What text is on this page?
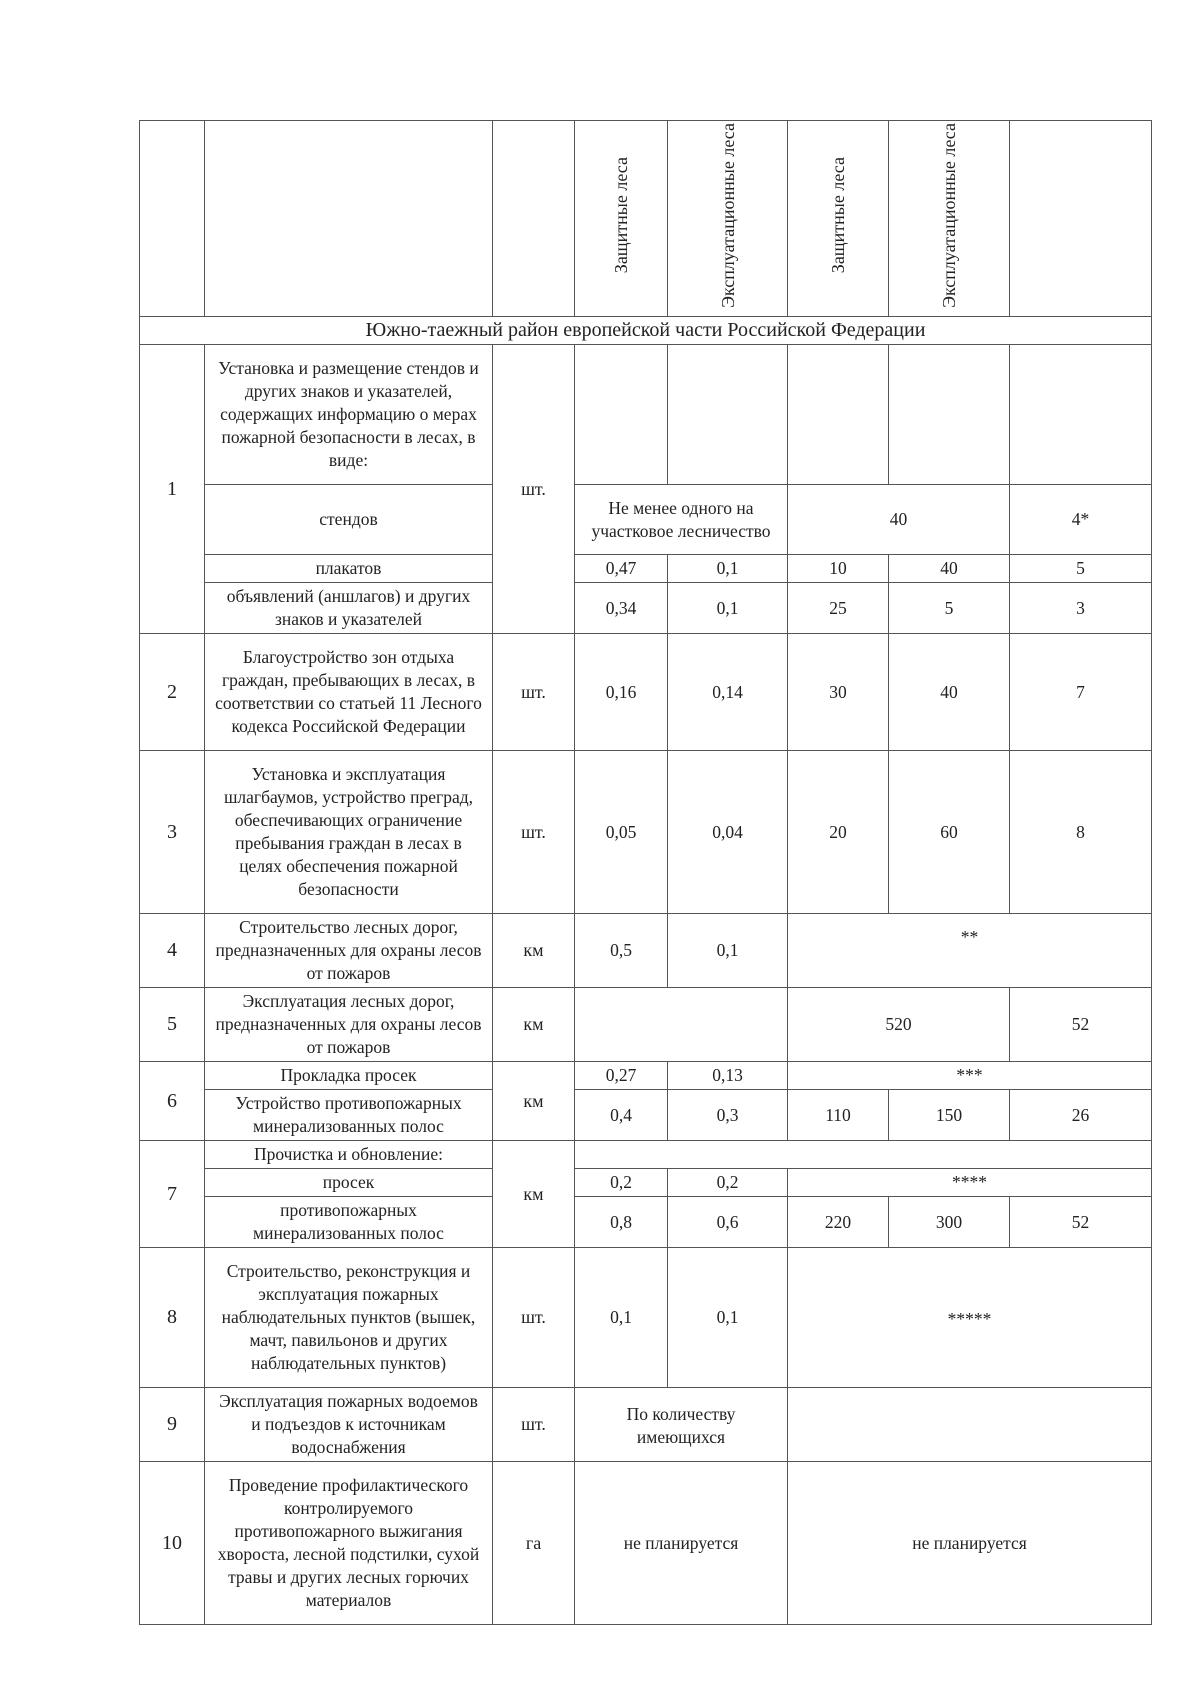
			Защитные леса	Эксплуатационные леса	Защитные леса	Эксплуатационные леса	
Южно-таежный район европейской части Российской Федерации							
1	Установка и размещение стендов и других знаков и указателей, содержащих информацию о мерах пожарной безопасности в лесах, в виде:	шт.					
	стендов		Не менее одного на участковое лесничество		40		4*
	плакатов		0,47	0,1	10	40	5
	объявлений (аншлагов) и других знаков и указателей		0,34	0,1	25	5	3
2	Благоустройство зон отдыха граждан, пребывающих в лесах, в соответствии со статьей 11 Лесного кодекса Российской Федерации	шт.	0,16	0,14	30	40	7
3	Установка и эксплуатация шлагбаумов, устройство преград, обеспечивающих ограничение пребывания граждан в лесах в целях обеспечения пожарной безопасности	шт.	0,05	0,04	20	60	8
4	Строительство лесных дорог, предназначенных для охраны лесов от пожаров	км	0,5	0,1	**		
5	Эксплуатация лесных дорог, предназначенных для охраны лесов от пожаров	км			520		52
6	Прокладка просек	км	0,27	0,13	***		
	Устройство противопожарных минерализованных полос		0,4	0,3	110	150	26
7	Прочистка и обновление:	км					
	просек		0,2	0,2	****		
	противопожарных минерализованных полос		0,8	0,6	220	300	52
8	Строительство, реконструкция и эксплуатация пожарных наблюдательных пунктов (вышек, мачт, павильонов и других наблюдательных пунктов)	шт.	0,1	0,1	*****		
9	Эксплуатация пожарных водоемов и подъездов к источникам водоснабжения	шт.	По количеству имеющихся				
10	Проведение профилактического контролируемого противопожарного выжигания хвороста, лесной подстилки, сухой травы и других лесных горючих материалов	га	не планируется		не планируется		
